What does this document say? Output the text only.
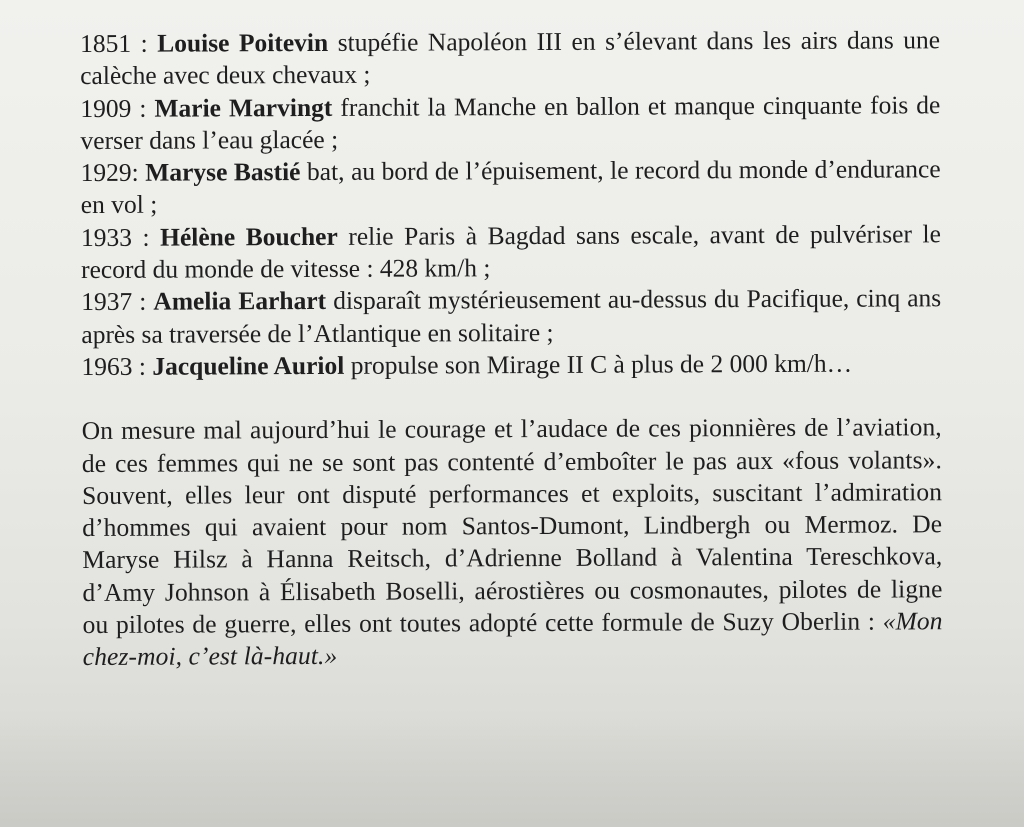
1851 : Louise Poitevin stupéfie Napoléon III en s’élevant dans les airs dans une calèche avec deux chevaux ;

1909 : Marie Marvingt franchit la Manche en ballon et manque cinquante fois de verser dans l’eau glacée ;

1929: Maryse Bastié bat, au bord de l’épuisement, le record du monde d’endurance en vol ;

1933 : Hélène Boucher relie Paris à Bagdad sans escale, avant de pulvériser le record du monde de vitesse : 428 km/h ;

1937 : Amelia Earhart disparaît mystérieusement au-dessus du Pacifique, cinq ans après sa traversée de l’Atlantique en solitaire ;

1963 : Jacqueline Auriol propulse son Mirage II C à plus de 2 000 km/h…

On mesure mal aujourd’hui le courage et l’audace de ces pionnières de l’aviation, de ces femmes qui ne se sont pas contenté d’emboîter le pas aux «fous volants». Souvent, elles leur ont disputé performances et exploits, suscitant l’admiration d’hommes qui avaient pour nom Santos-Dumont, Lindbergh ou Mermoz. De Maryse Hilsz à Hanna Reitsch, d’Adrienne Bolland à Valentina Tereschkova, d’Amy Johnson à Élisabeth Boselli, aérostières ou cosmonautes, pilotes de ligne ou pilotes de guerre, elles ont toutes adopté cette formule de Suzy Oberlin : «Mon chez-moi, c’est là-haut.»
